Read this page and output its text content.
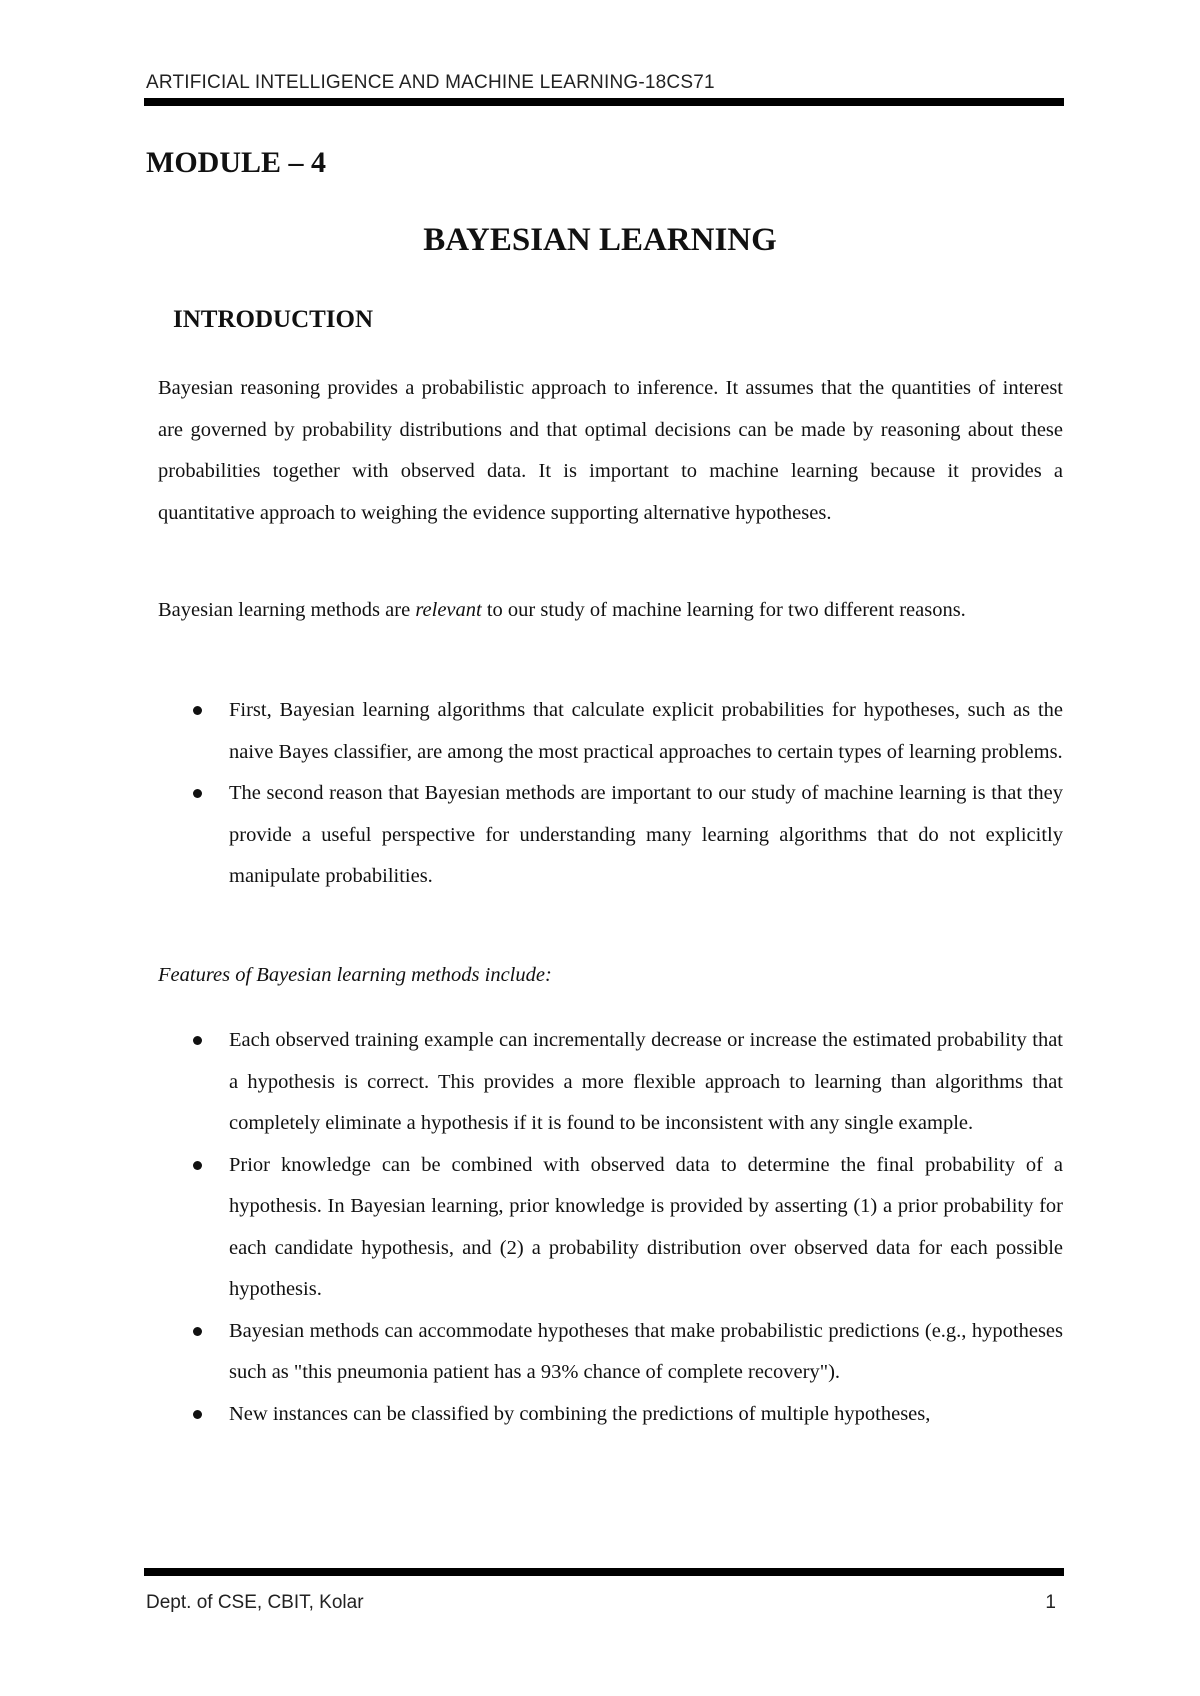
ARTIFICIAL INTELLIGENCE AND MACHINE LEARNING-18CS71
MODULE – 4
BAYESIAN LEARNING
INTRODUCTION

Bayesian reasoning provides a probabilistic approach to inference. It assumes that the quantities of interest are governed by probability distributions and that optimal decisions can be made by reasoning about these probabilities together with observed data. It is important to machine learning because it provides a quantitative approach to weighing the evidence supporting alternative hypotheses.

Bayesian learning methods are relevant to our study of machine learning for two different reasons.

First, Bayesian learning algorithms that calculate explicit probabilities for hypotheses, such as the naive Bayes classifier, are among the most practical approaches to certain types of learning problems.
The second reason that Bayesian methods are important to our study of machine learning is that they provide a useful perspective for understanding many learning algorithms that do not explicitly manipulate probabilities.

Features of Bayesian learning methods include:

Each observed training example can incrementally decrease or increase the estimated probability that a hypothesis is correct. This provides a more flexible approach to learning than algorithms that completely eliminate a hypothesis if it is found to be inconsistent with any single example.
Prior knowledge can be combined with observed data to determine the final probability of a hypothesis. In Bayesian learning, prior knowledge is provided by asserting (1) a prior probability for each candidate hypothesis, and (2) a probability distribution over observed data for each possible hypothesis.
Bayesian methods can accommodate hypotheses that make probabilistic predictions (e.g., hypotheses such as "this pneumonia patient has a 93% chance of complete recovery").
New instances can be classified by combining the predictions of multiple hypotheses,
Dept. of CSE, CBIT, Kolar	1
